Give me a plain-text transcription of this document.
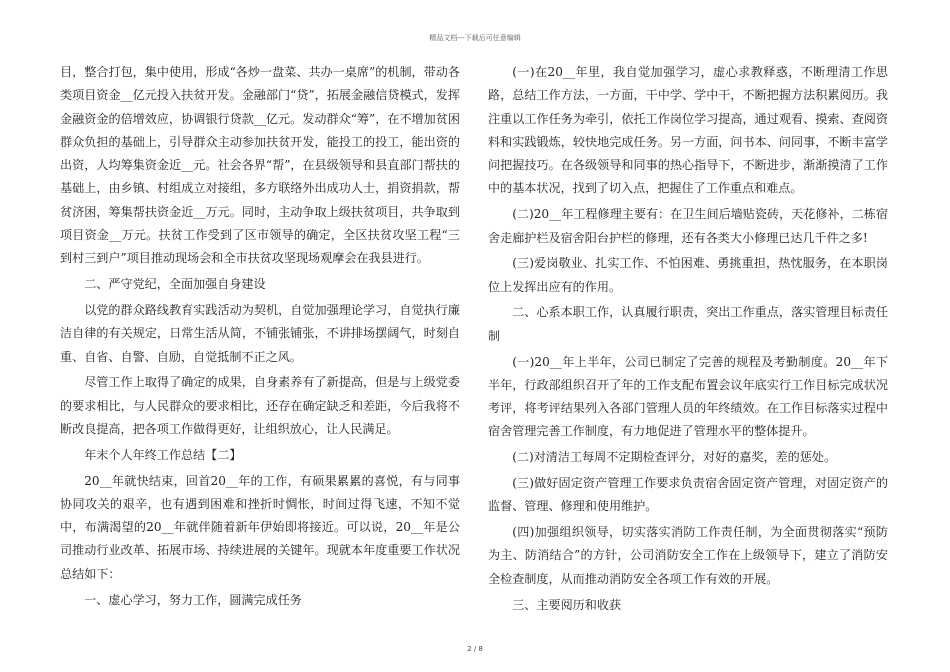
精品文档---下载后可任意编辑

目，整合打包，集中使用，形成“各炒一盘菜、共办一桌席”的机制，带动各类项目资金__亿元投入扶贫开发。金融部门“贷”，拓展金融信贷模式，发挥金融资金的倍增效应，协调银行贷款__亿元。发动群众“筹”，在不增加贫困群众负担的基础上，引导群众主动参加扶贫开发，能投工的投工，能出资的出资，人均筹集资金近__元。社会各界“帮”，在县级领导和县直部门帮扶的基础上，由乡镇、村组成立对接组，多方联络外出成功人士，捐资捐款，帮贫济困，筹集帮扶资金近__万元。同时，主动争取上级扶贫项目，共争取到项目资金__万元。扶贫工作受到了区市领导的确定，全区扶贫攻坚工程“三到村三到户”项目推动现场会和全市扶贫攻坚现场观摩会在我县进行。

二、严守党纪，全面加强自身建设

以党的群众路线教育实践活动为契机，自觉加强理论学习，自觉执行廉洁自律的有关规定，日常生活从简，不铺张铺张，不讲排场摆阔气，时刻自重、自省、自警、自励，自觉抵制不正之风。

尽管工作上取得了确定的成果，自身素养有了新提高，但是与上级党委的要求相比，与人民群众的要求相比，还存在确定缺乏和差距，今后我将不断改良提高，把各项工作做得更好，让组织放心，让人民满足。

年末个人年终工作总结【二】

20__年就快结束，回首20__年的工作，有硕果累累的喜悦，有与同事协同攻关的艰辛，也有遇到困难和挫折时惆怅，时间过得飞速，不知不觉中，布满渴望的20__年就伴随着新年伊始即将接近。可以说，20__年是公司推动行业改革、拓展市场、持续进展的关键年。现就本年度重要工作状况总结如下：

一、虚心学习，努力工作，圆满完成任务

(一)在20__年里，我自觉加强学习，虚心求教释惑，不断理清工作思路，总结工作方法，一方面，干中学、学中干，不断把握方法积累阅历。我注重以工作任务为牵引，依托工作岗位学习提高，通过观看、摸索、查阅资料和实践锻炼，较快地完成任务。另一方面，问书本、问同事，不断丰富学问把握技巧。在各级领导和同事的热心指导下，不断进步，渐渐摸清了工作中的基本状况，找到了切入点，把握住了工作重点和难点。

(二)20__年工程修理主要有：在卫生间后墙贴瓷砖，天花修补，二栋宿舍走廊护栏及宿舍阳台护栏的修理，还有各类大小修理已达几千件之多!

(三)爱岗敬业、扎实工作、不怕困难、勇挑重担，热忱服务，在本职岗位上发挥出应有的作用。

二、心系本职工作，认真履行职责，突出工作重点，落实管理目标责任制

(一)20__年上半年，公司已制定了完善的规程及考勤制度。20__年下半年，行政部组织召开了年的工作支配布置会议年底实行工作目标完成状况考评，将考评结果列入各部门管理人员的年终绩效。在工作目标落实过程中宿舍管理完善工作制度，有力地促进了管理水平的整体提升。

(二)对清洁工每周不定期检查评分，对好的嘉奖，差的惩处。

(三)做好固定资产管理工作要求负责宿舍固定资产管理，对固定资产的监督、管理、修理和使用维护。

(四)加强组织领导，切实落实消防工作责任制，为全面贯彻落实“预防为主、防消结合”的方针，公司消防安全工作在上级领导下，建立了消防安全检查制度，从而推动消防安全各项工作有效的开展。

三、主要阅历和收获

2 / 8
